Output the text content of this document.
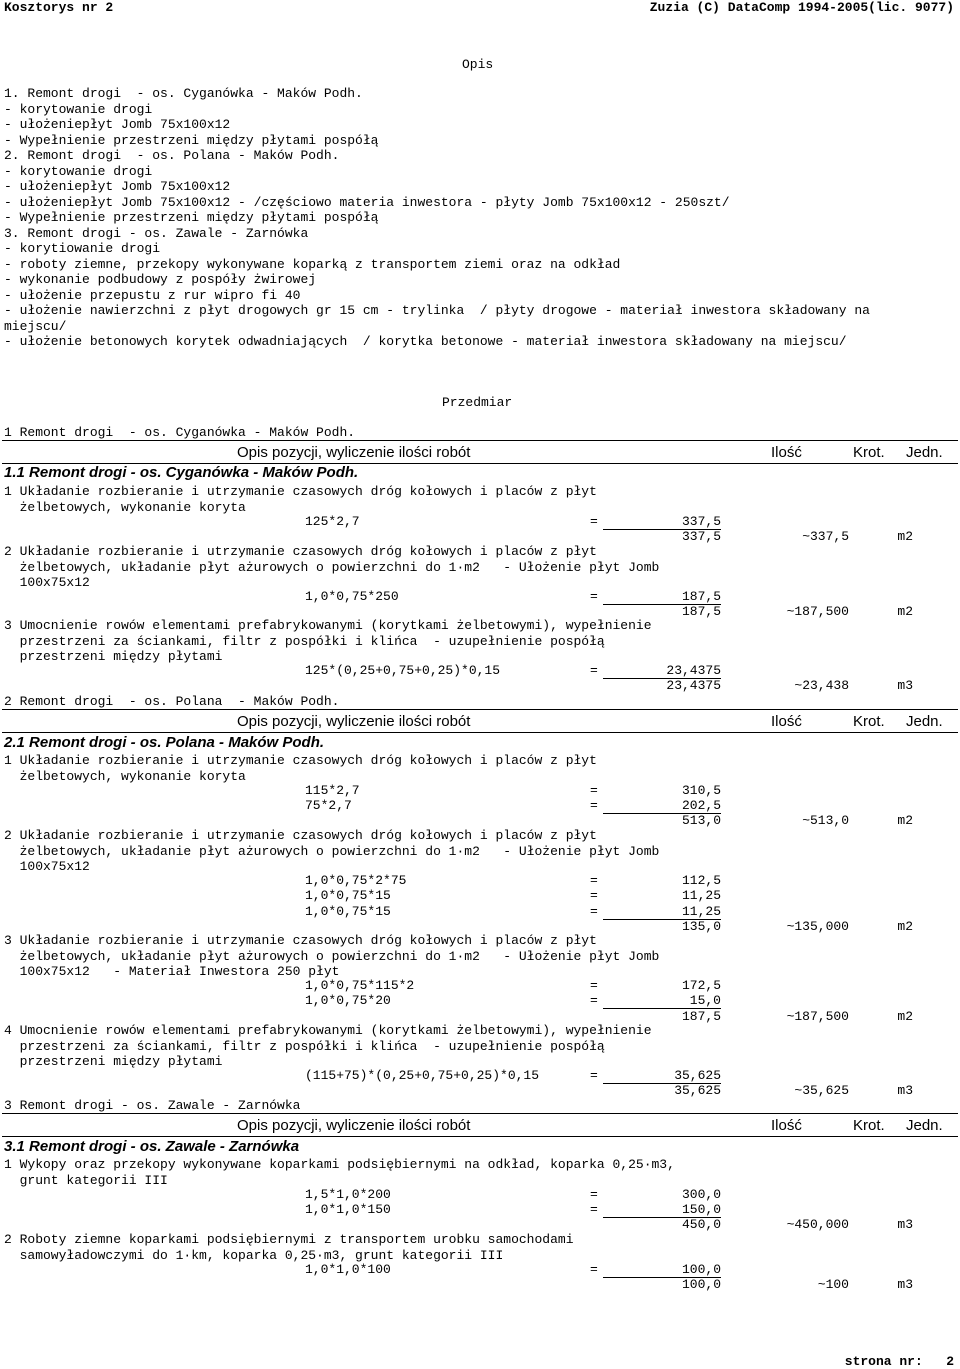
Kosztorys nr 2	Zuzia (C) DataComp 1994-2005(lic. 9077)
Opis
1. Remont drogi  - os. Cyganówka - Maków Podh.
- korytowanie drogi
- ułożeniepłyt Jomb 75x100x12
- Wypełnienie przestrzeni między płytami pospółą
2. Remont drogi  - os. Polana - Maków Podh.
- korytowanie drogi
- ułożeniepłyt Jomb 75x100x12
- ułożeniepłyt Jomb 75x100x12 - /częściowo materia inwestora - płyty Jomb 75x100x12 - 250szt/
- Wypełnienie przestrzeni między płytami pospółą
3. Remont drogi - os. Zawale - Zarnówka
- korytiowanie drogi
- roboty ziemne, przekopy wykonywane koparką z transportem ziemi oraz na odkład
- wykonanie podbudowy z pospóły żwirowej
- ułożenie przepustu z rur wipro fi 40
- ułożenie nawierzchni z płyt drogowych gr 15 cm - trylinka  / płyty drogowe - materiał inwestora składowany na
miejscu/
- ułożenie betonowych korytek odwadniających  / korytka betonowe - materiał inwestora składowany na miejscu/
Przedmiar
1 Remont drogi  - os. Cyganówka - Maków Podh.
Opis pozycji, wyliczenie ilości robót	Ilość	Krot. Jedn.
1.1 Remont drogi - os. Cyganówka - Maków Podh.
1 Układanie rozbieranie i utrzymanie czasowych dróg kołowych i placów z płyt
żelbetowych, wykonanie koryta
125*2,7	=	337,5
337,5	~337,5	m2
2 Układanie rozbieranie i utrzymanie czasowych dróg kołowych i placów z płyt
żelbetowych, układanie płyt ażurowych o powierzchni do 1·m2   - Ułożenie płyt Jomb
100x75x12
1,0*0,75*250	=	187,5
187,5	~187,500	m2
3 Umocnienie rowów elementami prefabrykowanymi (korytkami żelbetowymi), wypełnienie
przestrzeni za ściankami, filtr z pospółki i klińca  - uzupełnienie pospółą
przestrzeni między płytami
125*(0,25+0,75+0,25)*0,15	=	23,4375
23,4375	~23,438	m3
2 Remont drogi  - os. Polana  - Maków Podh.
Opis pozycji, wyliczenie ilości robót	Ilość	Krot. Jedn.
2.1 Remont drogi - os. Polana - Maków Podh.
1 Układanie rozbieranie i utrzymanie czasowych dróg kołowych i placów z płyt
żelbetowych, wykonanie koryta
115*2,7	=	310,5
75*2,7	=	202,5
513,0	~513,0	m2
2 Układanie rozbieranie i utrzymanie czasowych dróg kołowych i placów z płyt
żelbetowych, układanie płyt ażurowych o powierzchni do 1·m2   - Ułożenie płyt Jomb
100x75x12
1,0*0,75*2*75	=	112,5
1,0*0,75*15	=	11,25
1,0*0,75*15	=	11,25
135,0	~135,000	m2
3 Układanie rozbieranie i utrzymanie czasowych dróg kołowych i placów z płyt
żelbetowych, układanie płyt ażurowych o powierzchni do 1·m2   - Ułożenie płyt Jomb
100x75x12   - Materiał Inwestora 250 płyt
1,0*0,75*115*2	=	172,5
1,0*0,75*20	=	15,0
187,5	~187,500	m2
4 Umocnienie rowów elementami prefabrykowanymi (korytkami żelbetowymi), wypełnienie
przestrzeni za ściankami, filtr z pospółki i klińca  - uzupełnienie pospółą
przestrzeni między płytami
(115+75)*(0,25+0,75+0,25)*0,15	=	35,625
35,625	~35,625	m3
3 Remont drogi - os. Zawale - Zarnówka
Opis pozycji, wyliczenie ilości robót	Ilość	Krot. Jedn.
3.1 Remont drogi - os. Zawale - Zarnówka
1 Wykopy oraz przekopy wykonywane koparkami podsiębiernymi na odkład, koparka 0,25·m3,
grunt kategorii III
1,5*1,0*200	=	300,0
1,0*1,0*150	=	150,0
450,0	~450,000	m3
2 Roboty ziemne koparkami podsiębiernymi z transportem urobku samochodami
samowyładowczymi do 1·km, koparka 0,25·m3, grunt kategorii III
1,0*1,0*100	=	100,0
100,0	~100	m3
strona nr: 2
